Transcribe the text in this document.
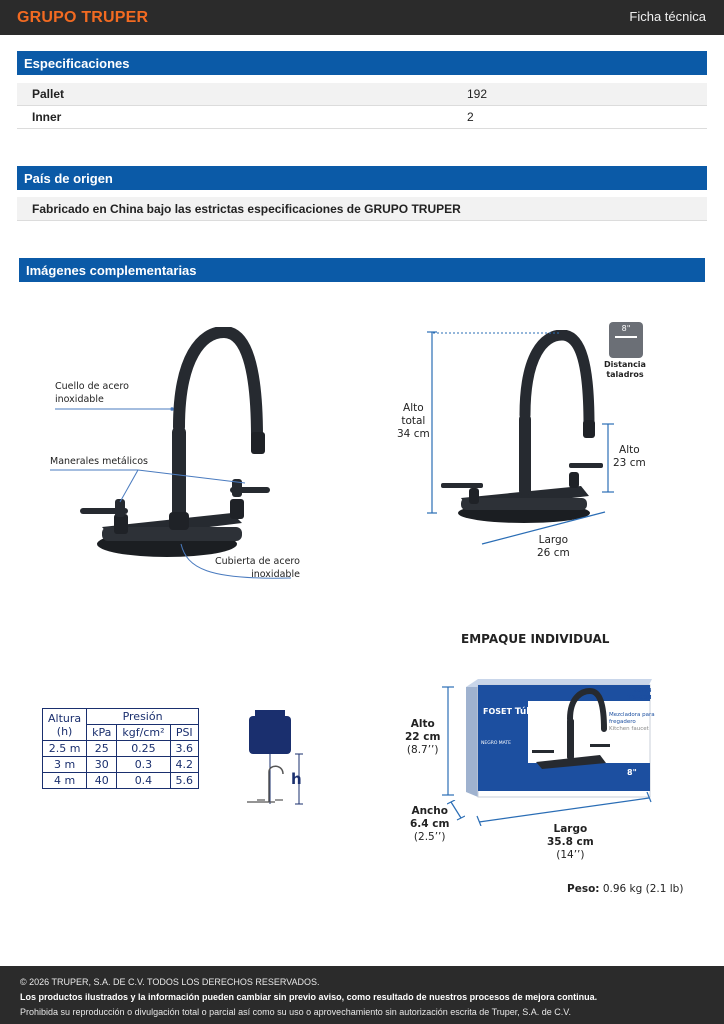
GRUPO TRUPER	Ficha técnica
Especificaciones
Pallet	192
Inner	2
País de origen
Fabricado en China bajo las estrictas especificaciones de GRUPO TRUPER
Imágenes complementarias
Cuello de acero
inoxidable
Manerales metálicos
Cubierta de acero
inoxidable
Alto
total
34 cm
Alto
23 cm
Largo
26 cm
8"
Distancia
taladros
EMPAQUE INDIVIDUAL
FOSET Túbig
46773
TBF-60M
Mezcladora para
fregadero
Kitchen faucet
NEGRO MATE
8"
Alto
22 cm
(8.7’’)
Ancho
6.4 cm
(2.5’’)
Largo
35.8 cm
(14’’)
Peso: 0.96 kg (2.1 lb)
Altura
(h)	Presión		
	kPa	kgf/cm²	PSI
2.5 m	25	0.25	3.6
3 m	30	0.3	4.2
4 m	40	0.4	5.6	h
© 2026 TRUPER, S.A. DE C.V. TODOS LOS DERECHOS RESERVADOS.
Los productos ilustrados y la información pueden cambiar sin previo aviso, como resultado de nuestros procesos de mejora continua.
Prohibida su reproducción o divulgación total o parcial así como su uso o aprovechamiento sin autorización escrita de Truper, S.A. de C.V.
